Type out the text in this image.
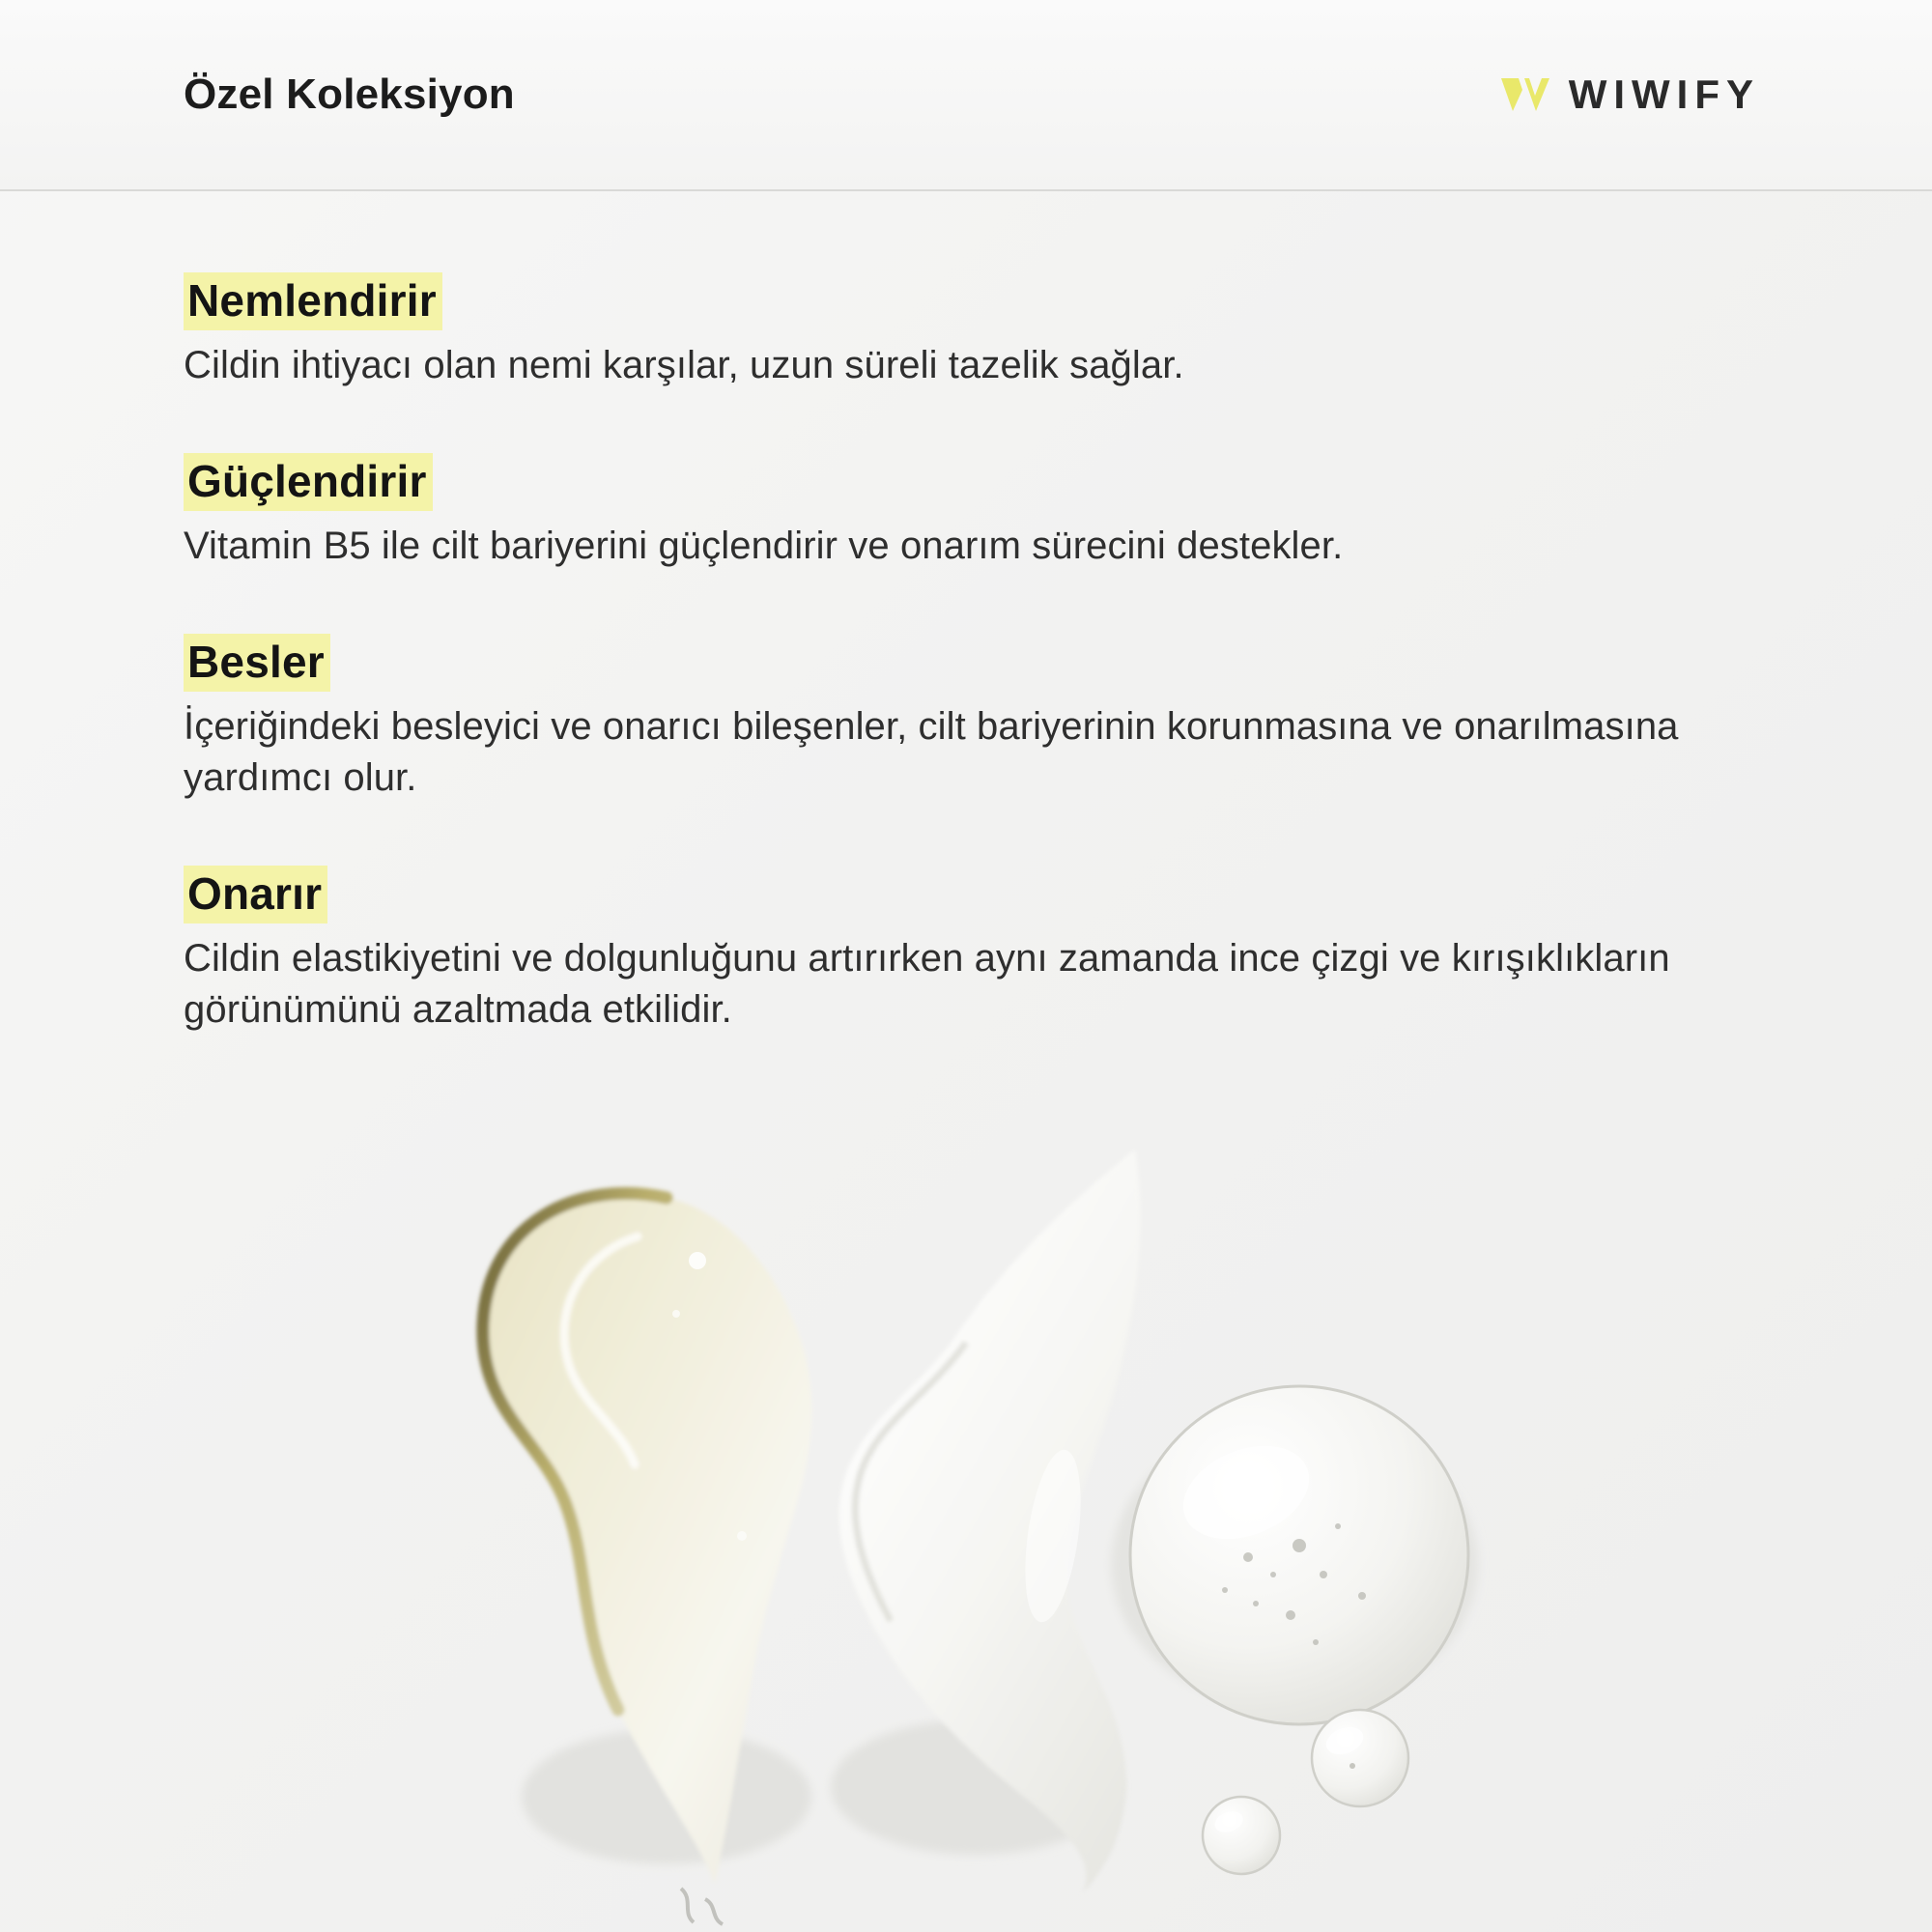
Özel Koleksiyon	WIWIFY
Nemlendirir

Cildin ihtiyacı olan nemi karşılar, uzun süreli tazelik sağlar.

Güçlendirir

Vitamin B5 ile cilt bariyerini güçlendirir ve onarım sürecini destekler.

Besler

İçeriğindeki besleyici ve onarıcı bileşenler, cilt bariyerinin korunmasına ve onarılmasına yardımcı olur.

Onarır

Cildin elastikiyetini ve dolgunluğunu artırırken aynı zamanda ince çizgi ve kırışıklıkların görünümünü azaltmada etkilidir.
